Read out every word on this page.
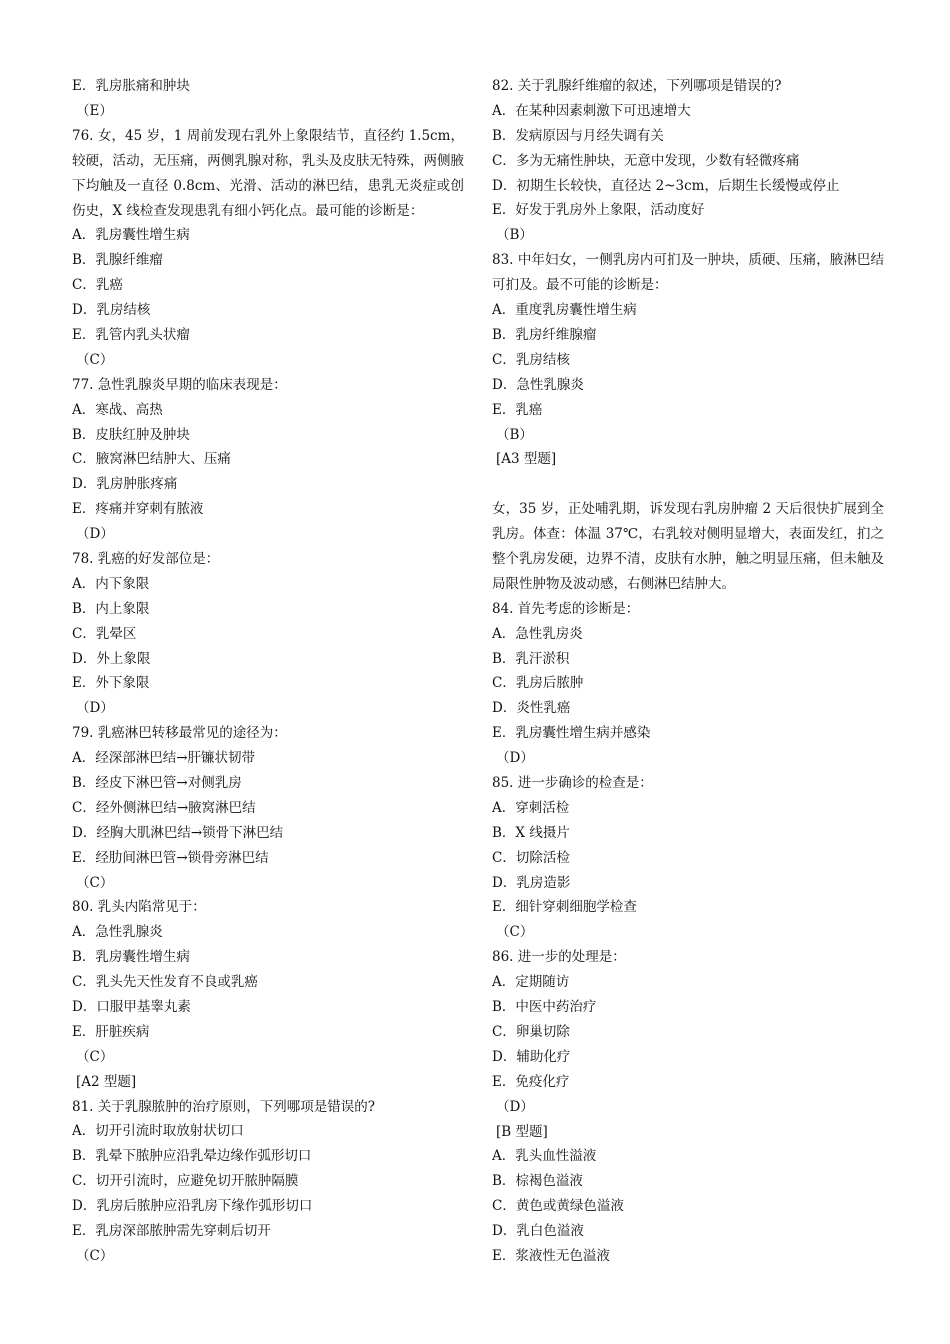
E．乳房胀痛和肿块
（E）
76. 女，45 岁，1 周前发现右乳外上象限结节，直径约 1.5cm，较硬，活动，无压痛，两侧乳腺对称，乳头及皮肤无特殊，两侧腋下均触及一直径 0.8cm、光滑、活动的淋巴结，患乳无炎症或创伤史，X 线检查发现患乳有细小钙化点。最可能的诊断是：
A．乳房囊性增生病
B．乳腺纤维瘤
C．乳癌
D．乳房结核
E．乳管内乳头状瘤
（C）
77. 急性乳腺炎早期的临床表现是：
A．寒战、高热
B．皮肤红肿及肿块
C．腋窝淋巴结肿大、压痛
D．乳房肿胀疼痛
E．疼痛并穿刺有脓液
（D）
78. 乳癌的好发部位是：
A．内下象限
B．内上象限
C．乳晕区
D．外上象限
E．外下象限
（D）
79. 乳癌淋巴转移最常见的途径为：
A．经深部淋巴结→肝镰状韧带
B．经皮下淋巴管→对侧乳房
C．经外侧淋巴结→腋窝淋巴结
D．经胸大肌淋巴结→锁骨下淋巴结
E．经肋间淋巴管→锁骨旁淋巴结
（C）
80. 乳头内陷常见于：
A．急性乳腺炎
B．乳房囊性增生病
C．乳头先天性发育不良或乳癌
D．口服甲基睾丸素
E．肝脏疾病
（C）
[A2 型题]
81. 关于乳腺脓肿的治疗原则，下列哪项是错误的?
A．切开引流时取放射状切口
B．乳晕下脓肿应沿乳晕边缘作弧形切口
C．切开引流时，应避免切开脓肿隔膜
D．乳房后脓肿应沿乳房下缘作弧形切口
E．乳房深部脓肿需先穿刺后切开
（C）
82. 关于乳腺纤维瘤的叙述，下列哪项是错误的?
A．在某种因素刺激下可迅速增大
B．发病原因与月经失调有关
C．多为无痛性肿块，无意中发现，少数有轻微疼痛
D．初期生长较快，直径达 2~3cm，后期生长缓慢或停止
E．好发于乳房外上象限，活动度好
（B）
83. 中年妇女，一侧乳房内可扪及一肿块，质硬、压痛，腋淋巴结可扪及。最不可能的诊断是：
A．重度乳房囊性增生病
B．乳房纤维腺瘤
C．乳房结核
D．急性乳腺炎
E．乳癌
（B）
[A3 型题]
女，35 岁，正处哺乳期，诉发现右乳房肿瘤 2 天后很快扩展到全乳房。体查：体温 37℃，右乳较对侧明显增大，表面发红，扪之整个乳房发硬，边界不清，皮肤有水肿，触之明显压痛，但未触及局限性肿物及波动感，右侧淋巴结肿大。
84. 首先考虑的诊断是：
A．急性乳房炎
B．乳汗淤积
C．乳房后脓肿
D．炎性乳癌
E．乳房囊性增生病并感染
（D）
85. 进一步确诊的检查是：
A．穿刺活检
B．X 线摄片
C．切除活检
D．乳房造影
E．细针穿刺细胞学检查
（C）
86. 进一步的处理是：
A．定期随访
B．中医中药治疗
C．卵巢切除
D．辅助化疗
E．免疫化疗
（D）
[B 型题]
A．乳头血性溢液
B．棕褐色溢液
C．黄色或黄绿色溢液
D．乳白色溢液
E．浆液性无色溢液
